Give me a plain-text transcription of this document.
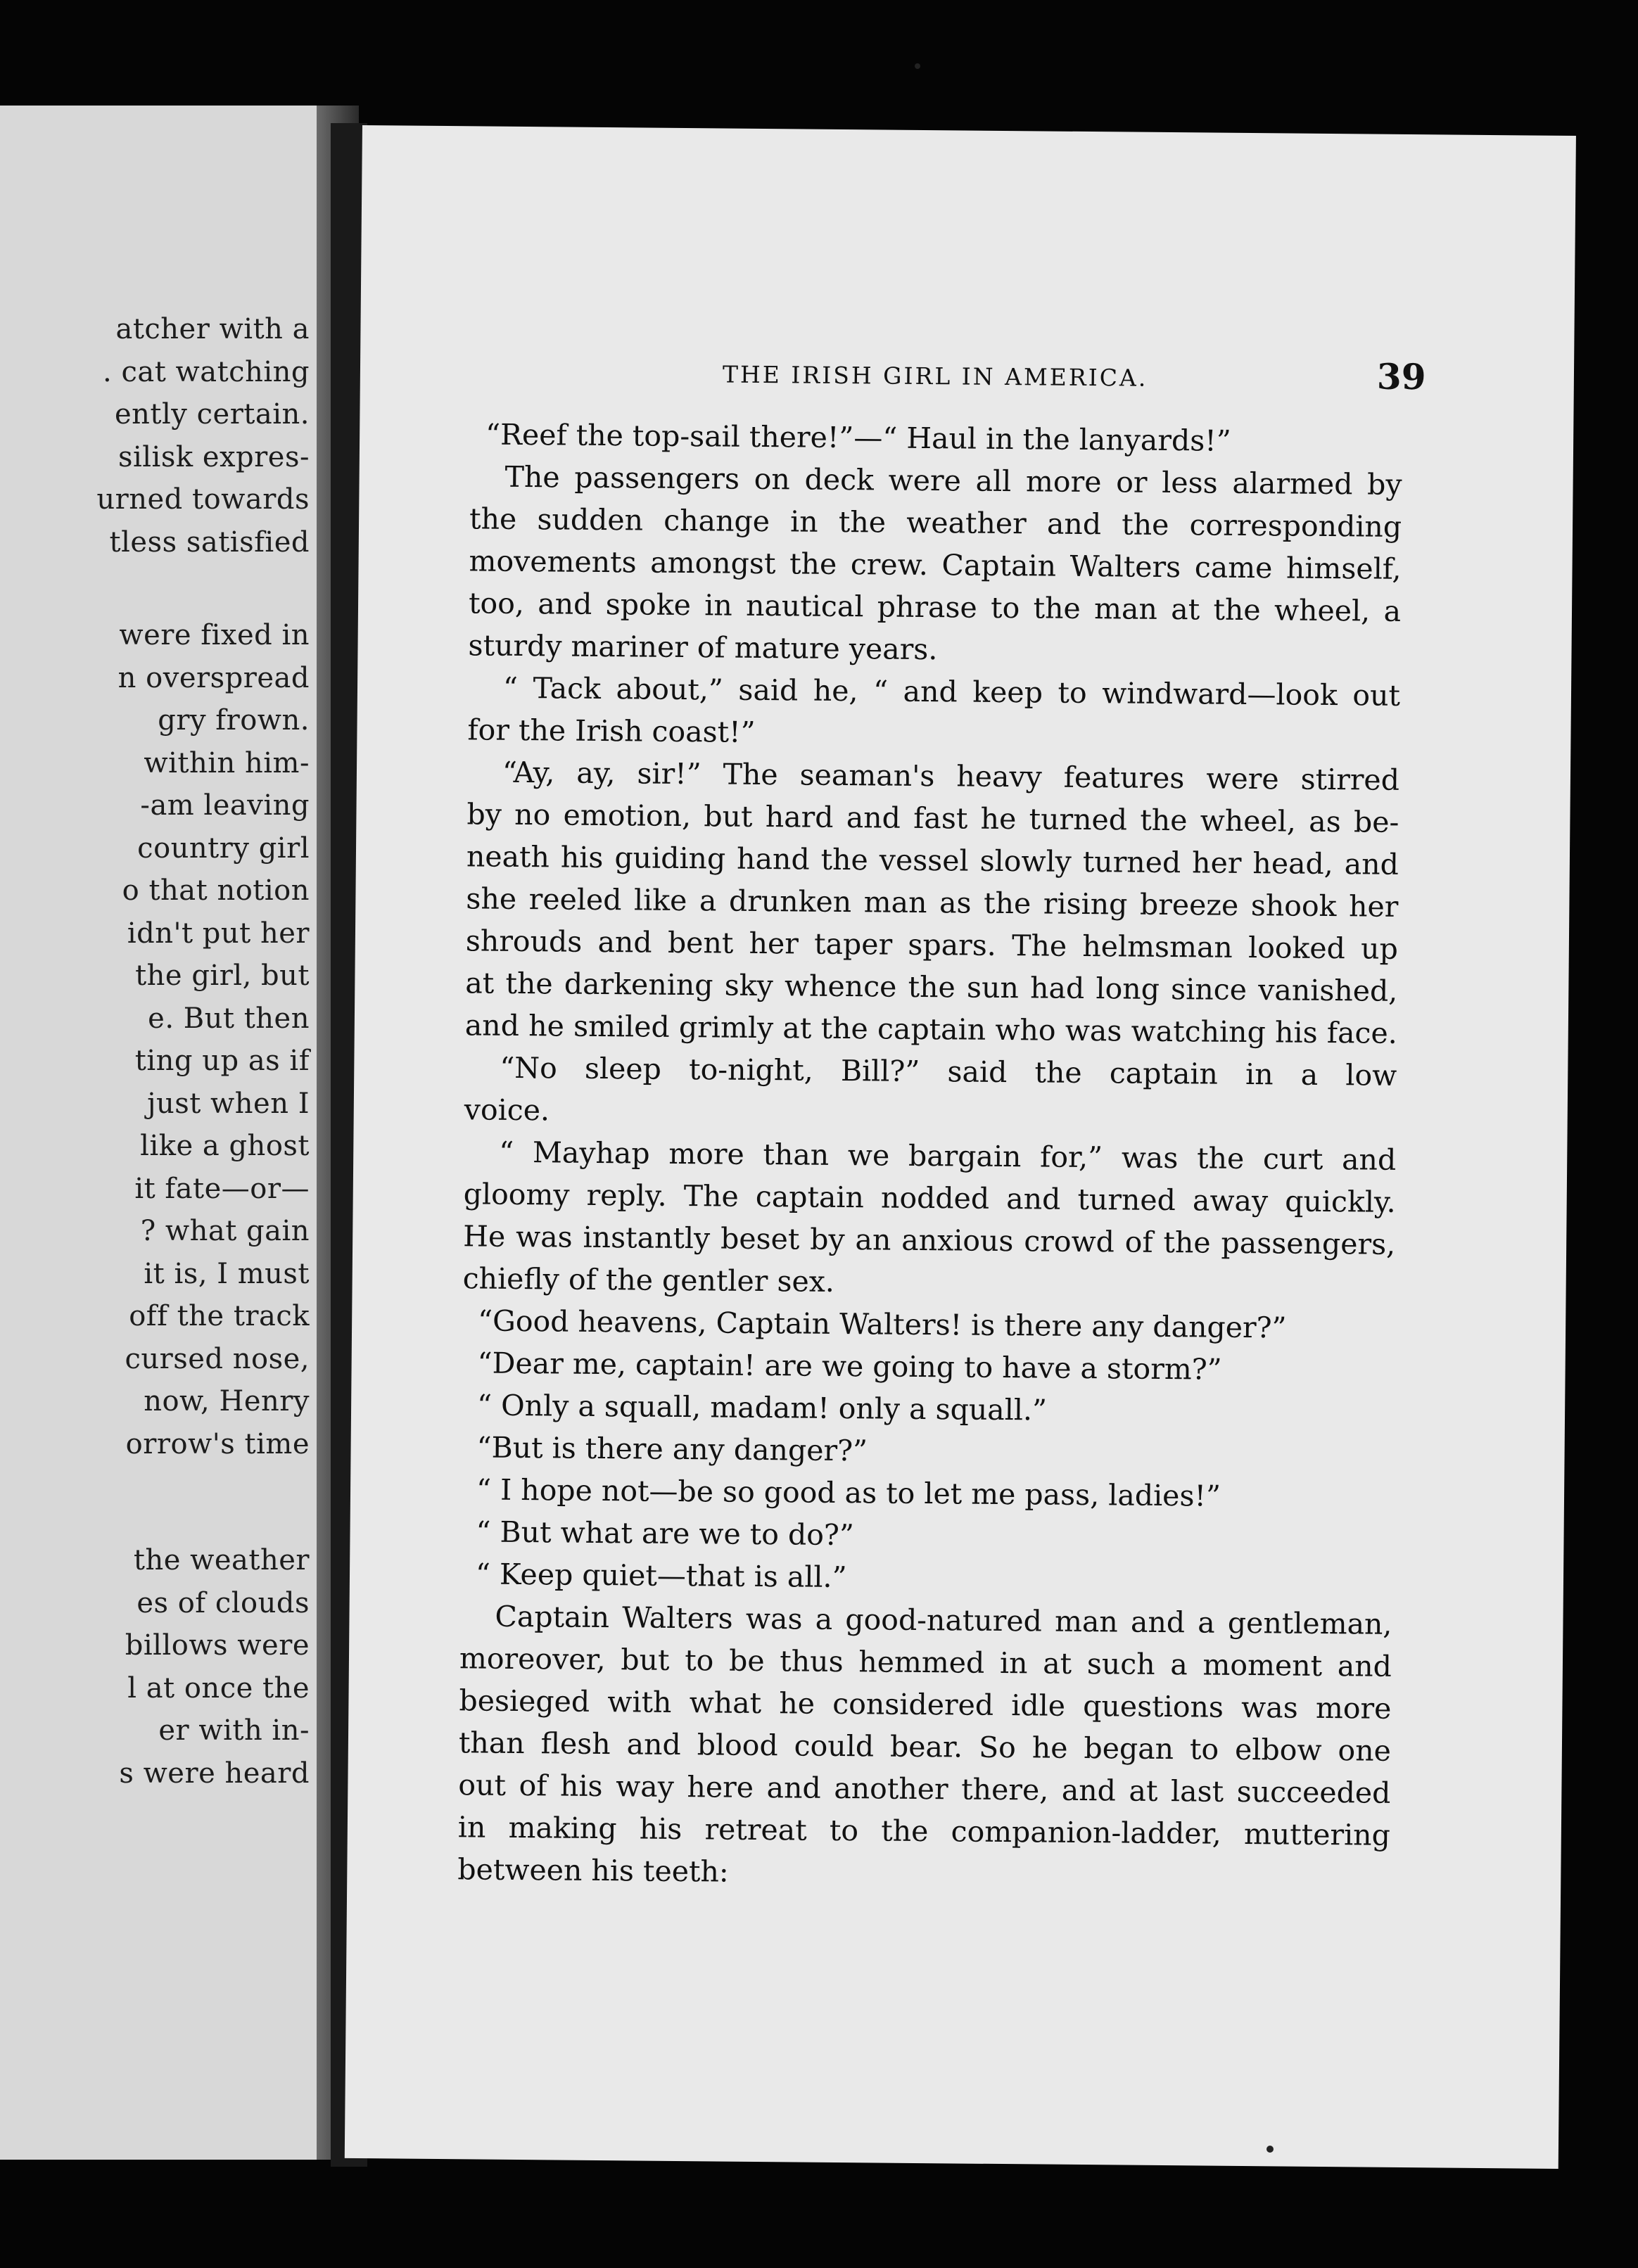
atcher with a
. cat watching
ently certain.
silisk expres-
urned towards
tless satisfied
were fixed in
n overspread
gry frown.
within him-
-am leaving
country girl
o that notion
idn't put her
the girl, but
e. But then
ting up as if
just when I
like a ghost
it fate—or—
? what gain
it is, I must
off the track
cursed nose,
now, Henry
orrow's time
the weather
es of clouds
billows were
l at once the
er with in-
s were heard
THE IRISH GIRL IN AMERICA.	39
“Reef the top-sail there!”—“ Haul in the lanyards!”
The passengers on deck were all more or less alarmed by
the sudden change in the weather and the corresponding
movements amongst the crew. Captain Walters came himself,
too, and spoke in nautical phrase to the man at the wheel, a
sturdy mariner of mature years.
“ Tack about,” said he, “ and keep to windward—look out
for the Irish coast!”
“Ay, ay, sir!” The seaman's heavy features were stirred
by no emotion, but hard and fast he turned the wheel, as be-
neath his guiding hand the vessel slowly turned her head, and
she reeled like a drunken man as the rising breeze shook her
shrouds and bent her taper spars. The helmsman looked up
at the darkening sky whence the sun had long since vanished,
and he smiled grimly at the captain who was watching his face.
“No sleep to-night, Bill?” said the captain in a low
voice.
“ Mayhap more than we bargain for,” was the curt and
gloomy reply. The captain nodded and turned away quickly.
He was instantly beset by an anxious crowd of the passengers,
chiefly of the gentler sex.
“Good heavens, Captain Walters! is there any danger?”
“Dear me, captain! are we going to have a storm?”
“ Only a squall, madam! only a squall.”
“But is there any danger?”
“ I hope not—be so good as to let me pass, ladies!”
“ But what are we to do?”
“ Keep quiet—that is all.”
Captain Walters was a good-natured man and a gentleman,
moreover, but to be thus hemmed in at such a moment and
besieged with what he considered idle questions was more
than flesh and blood could bear. So he began to elbow one
out of his way here and another there, and at last succeeded
in making his retreat to the companion-ladder, muttering
between his teeth:
